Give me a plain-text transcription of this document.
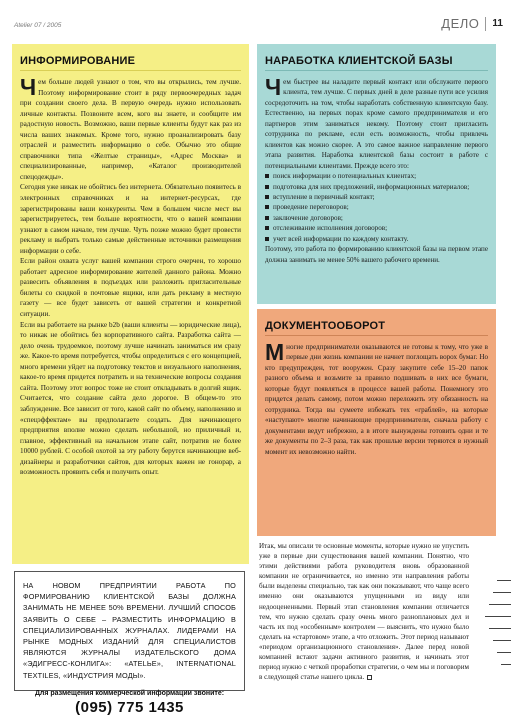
Atelier 07 / 2005	ДЕЛО 11
ИНФОРМИРОВАНИЕ

Чем больше людей узнают о том, что вы открылись, тем лучше. Поэтому информирование стоит в ряду первоочередных задач при создании своего дела. В первую очередь нужно использовать личные контакты. Позвоните всем, кого вы знаете, и сообщите им радостную новость. Возможно, ваши первые клиенты будут как раз из числа ваших знакомых. Кроме того, нужно проанализировать базу отраслей и разместить информацию о себе. Обычно это общие справочники типа «Желтые страницы», «Адрес Москва» и специализированные, например, «Каталог производителей спецодежды».

Сегодня уже никак не обойтись без интернета. Обязательно появитесь в электронных справочниках и на интернет-ресурсах, где зарегистрированы ваши конкуренты. Чем в большем числе мест вы зарегистрируетесь, тем больше вероятности, что о вашей компании узнают в самом начале, тем лучше. Чуть позже можно будет провести рекламу и выбрать только самые действенные источники размещения информации о себе.

Если район охвата услуг вашей компании строго очерчен, то хорошо работает адресное информирование жителей данного района. Можно развесить объявления в подъездах или разложить пригласительные билеты со скидкой в почтовые ящики, или дать рекламу в местную газету — все будет зависеть от вашей стратегии и конкретной ситуации.

Если вы работаете на рынке b2b (ваши клиенты — юридические лица), то никак не обойтись без корпоративного сайта. Разработка сайта — дело очень трудоемкое, поэтому лучше начинать заниматься им сразу же. Какое-то время потребуется, чтобы определиться с его концепцией, много времени уйдет на подготовку текстов и визуального наполнения, какое-то время придется потратить и на технические вопросы создания сайта. Поэтому этот вопрос тоже не стоит откладывать в долгий ящик. Считается, что создание сайта дело дорогое. В общем-то это заблуждение. Все зависит от того, какой сайт по объему, наполнению и «спецэффектам» вы предполагаете создать. Для начинающего предприятия вполне можно сделать небольшой, но приличный и, главное, эффективный на начальном этапе сайт, потратив не более 10000 рублей. С особой охотой за эту работу берутся начинающие веб-дизайнеры и разработчики сайтов, для которых важен не гонорар, а возможность проявить себя и получить опыт.

НАРАБОТКА КЛИЕНТСКОЙ БАЗЫ

Чем быстрее вы наладите первый контакт или обслужите первого клиента, тем лучше. С первых дней в деле разные пути все усилия сосредоточить на том, чтобы наработать собственную клиентскую базу. Естественно, на первых порах кроме самого предпринимателя и его партнеров этим заниматься некому. Поэтому стоит пригласить сотрудника по рекламе, если есть возможность, чтобы привлечь клиентов как можно скорее. А это самое важное направление первого этапа развития. Наработка клиентской базы состоит в работе с потенциальными клиентами. Прежде всего это:

поиск информации о потенциальных клиентах;
подготовка для них предложений, информационных материалов;
вступление в первичный контакт;
проведение переговоров;
заключение договоров;
отслеживание исполнения договоров;
учет всей информации по каждому контакту.

Поэтому, это работа по формированию клиентской базы на первом этапе должна занимать не менее 50% вашего рабочего времени.

ДОКУМЕНТООБОРОТ

Многие предприниматели оказываются не готовы к тому, что уже в первые дни жизнь компании не начнет поглощать ворох бумаг. Но кто предупрежден, тот вооружен. Сразу закупите себе 15–20 папок разного объема и возьмите за правило подшивать в них все бумаги, которые будут появляться в процессе вашей работы. Понемногу это придется делать самому, потом можно переложить эту обязанность на сотрудника. Тогда вы сумеете избежать тех «граблей», на которые «наступают» многие начинающие предприниматели, сначала работу с документами ведут небрежно, а в итоге вынуждены готовить одни и те же документы по 2–3 раза, так как прошлые версии теряются в нужный момент их невозможно найти.

Итак, мы описали те основные моменты, которые нужно не упустить уже в первые дни существования вашей компании. Понятно, что этими действиями работа руководителя вновь образованной компании не ограничивается, но именно эти направления работы были выделены специально, так как они показывают, что чаще всего именно они оказываются упущенными из виду или недооцененными. Первый этап становления компании отличается тем, что нужно сделать сразу очень много разноплановых дел и часть их под «особенным» контролем — выяснить, что нужно было сделать на «стартовом» этапе, а что отложить. Этот период называют «периодом организационного становления». Далее перед новой компанией встают задачи активного развития, и начинать этот период нужно с четкой проработки стратегии, о чем мы и поговорим в следующей статье нашего цикла.
НА НОВОМ ПРЕДПРИЯТИИ РАБОТА ПО ФОРМИРОВАНИЮ КЛИЕНТСКОЙ БАЗЫ ДОЛЖНА ЗАНИМАТЬ НЕ МЕНЕЕ 50% ВРЕМЕНИ. ЛУЧШИЙ СПОСОБ ЗАЯВИТЬ О СЕБЕ – РАЗМЕСТИТЬ ИНФОРМАЦИЮ В СПЕЦИАЛИЗИРОВАННЫХ ЖУРНАЛАХ. ЛИДЕРАМИ НА РЫНКЕ МОДНЫХ ИЗДАНИЙ ДЛЯ СПЕЦИАЛИСТОВ ЯВЛЯЮТСЯ ЖУРНАЛЫ ИЗДАТЕЛЬСКОГО ДОМА «ЭДИГРЕСС-КОНЛИГА»: «ATELЬE», INTERNATIONAL TEXTILES, «ИНДУСТРИЯ МОДЫ».
Для размещения коммерческой информации звоните:
(095) 775 1435
